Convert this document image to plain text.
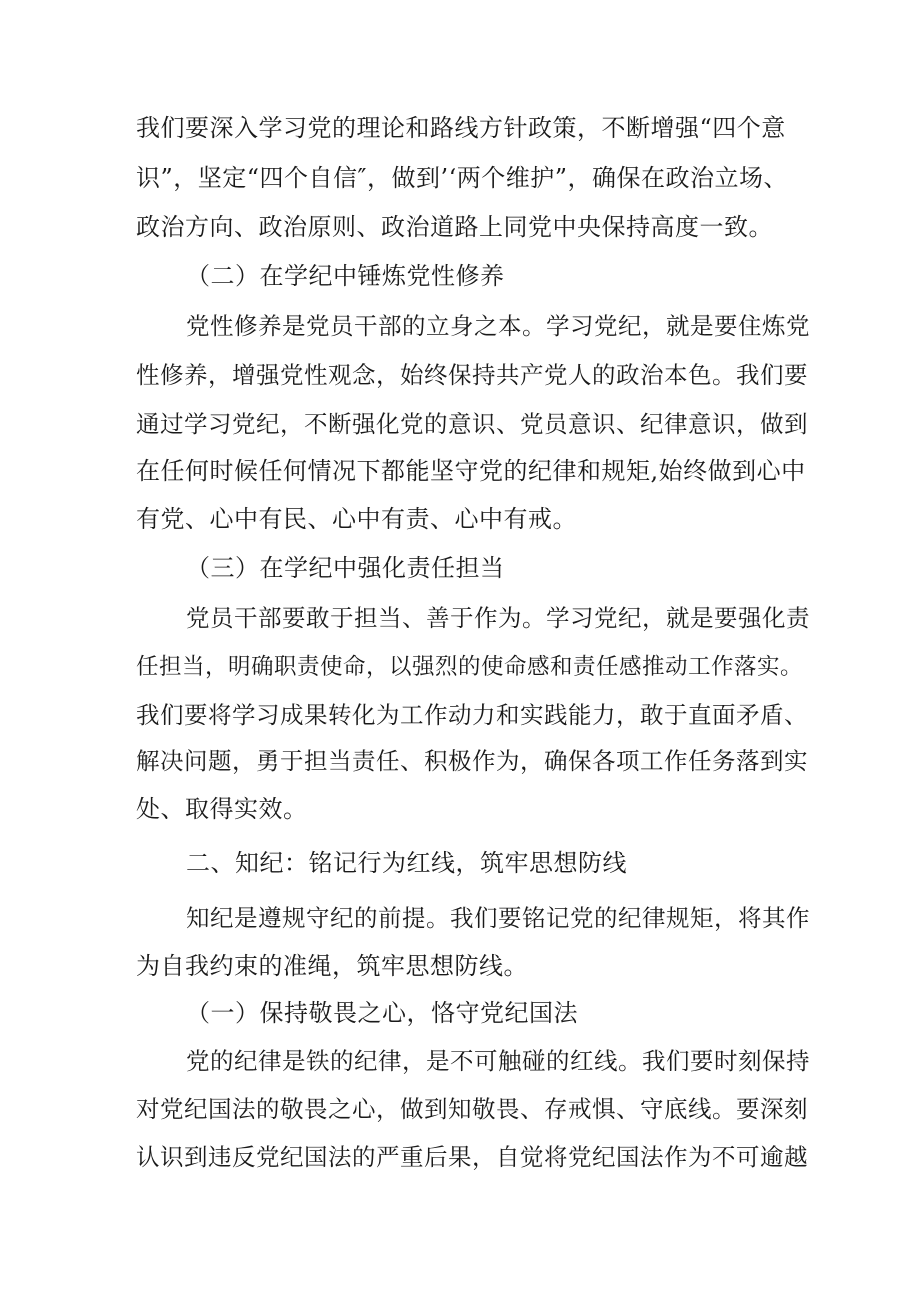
我们要深入学习党的理论和路线方针政策，不断增强“四个意
识”，坚定“四个自信″，做到’‘两个维护”，确保在政治立场、
政治方向、政治原则、政治道路上同党中央保持高度一致。
（二）在学纪中锤炼党性修养
党性修养是党员干部的立身之本。学习党纪，就是要住炼党
性修养，增强党性观念，始终保持共产党人的政治本色。我们要
通过学习党纪，不断强化党的意识、党员意识、纪律意识，做到
在任何时候任何情况下都能坚守党的纪律和规矩,始终做到心中
有党、心中有民、心中有责、心中有戒。
（三）在学纪中强化责任担当
党员干部要敢于担当、善于作为。学习党纪，就是要强化责
任担当，明确职责使命，以强烈的使命感和责任感推动工作落实。
我们要将学习成果转化为工作动力和实践能力，敢于直面矛盾、
解决问题，勇于担当责任、积极作为，确保各项工作任务落到实
处、取得实效。
二、知纪：铭记行为红线，筑牢思想防线
知纪是遵规守纪的前提。我们要铭记党的纪律规矩，将其作
为自我约束的准绳，筑牢思想防线。
（一）保持敬畏之心，恪守党纪国法
党的纪律是铁的纪律，是不可触碰的红线。我们要时刻保持
对党纪国法的敬畏之心，做到知敬畏、存戒惧、守底线。要深刻
认识到违反党纪国法的严重后果，自觉将党纪国法作为不可逾越
